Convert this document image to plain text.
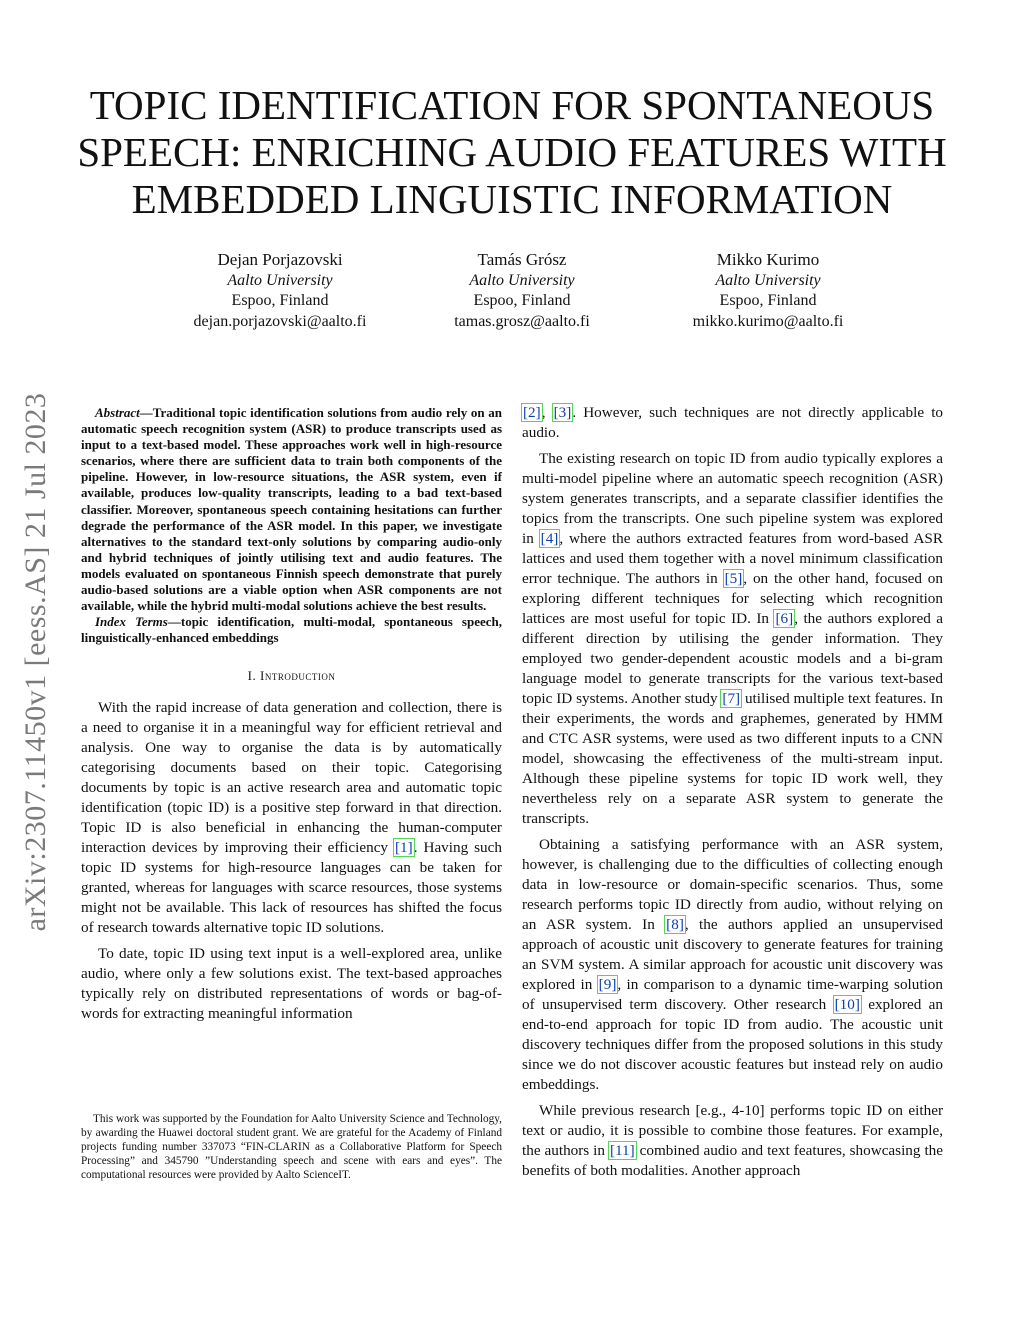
arXiv:2307.11450v1 [eess.AS] 21 Jul 2023
TOPIC IDENTIFICATION FOR SPONTANEOUS
SPEECH: ENRICHING AUDIO FEATURES WITH
EMBEDDED LINGUISTIC INFORMATION
Dejan Porjazovski
Aalto University
Espoo, Finland
dejan.porjazovski@aalto.fi
Tamás Grósz
Aalto University
Espoo, Finland
tamas.grosz@aalto.fi
Mikko Kurimo
Aalto University
Espoo, Finland
mikko.kurimo@aalto.fi

Abstract—Traditional topic identification solutions from audio rely on an automatic speech recognition system (ASR) to produce transcripts used as input to a text-based model. These approaches work well in high-resource scenarios, where there are sufficient data to train both components of the pipeline. However, in low-resource situations, the ASR system, even if available, produces low-quality transcripts, leading to a bad text-based classifier. Moreover, spontaneous speech containing hesitations can further degrade the performance of the ASR model. In this paper, we investigate alternatives to the standard text-only solutions by comparing audio-only and hybrid techniques of jointly utilising text and audio features. The models evaluated on spontaneous Finnish speech demonstrate that purely audio-based solutions are a viable option when ASR components are not available, while the hybrid multi-modal solutions achieve the best results.

Index Terms—topic identification, multi-modal, spontaneous speech, linguistically-enhanced embeddings

I. Introduction

With the rapid increase of data generation and collection, there is a need to organise it in a meaningful way for efficient retrieval and analysis. One way to organise the data is by automatically categorising documents based on their topic. Categorising documents by topic is an active research area and automatic topic identification (topic ID) is a positive step forward in that direction. Topic ID is also beneficial in enhancing the human-computer interaction devices by improving their efficiency [1]. Having such topic ID systems for high-resource languages can be taken for granted, whereas for languages with scarce resources, those systems might not be available. This lack of resources has shifted the focus of research towards alternative topic ID solutions.

To date, topic ID using text input is a well-explored area, unlike audio, where only a few solutions exist. The text-based approaches typically rely on distributed representations of words or bag-of-words for extracting meaningful information

This work was supported by the Foundation for Aalto University Science and Technology, by awarding the Huawei doctoral student grant. We are grateful for the Academy of Finland projects funding number 337073 “FIN-CLARIN as a Collaborative Platform for Speech Processing” and 345790 ”Understanding speech and scene with ears and eyes”. The computational resources were provided by Aalto ScienceIT.

[2], [3]. However, such techniques are not directly applicable to audio.

The existing research on topic ID from audio typically explores a multi-model pipeline where an automatic speech recognition (ASR) system generates transcripts, and a separate classifier identifies the topics from the transcripts. One such pipeline system was explored in [4], where the authors extracted features from word-based ASR lattices and used them together with a novel minimum classification error technique. The authors in [5], on the other hand, focused on exploring different techniques for selecting which recognition lattices are most useful for topic ID. In [6], the authors explored a different direction by utilising the gender information. They employed two gender-dependent acoustic models and a bi-gram language model to generate transcripts for the various text-based topic ID systems. Another study [7] utilised multiple text features. In their experiments, the words and graphemes, generated by HMM and CTC ASR systems, were used as two different inputs to a CNN model, showcasing the effectiveness of the multi-stream input. Although these pipeline systems for topic ID work well, they nevertheless rely on a separate ASR system to generate the transcripts.

Obtaining a satisfying performance with an ASR system, however, is challenging due to the difficulties of collecting enough data in low-resource or domain-specific scenarios. Thus, some research performs topic ID directly from audio, without relying on an ASR system. In [8], the authors applied an unsupervised approach of acoustic unit discovery to generate features for training an SVM system. A similar approach for acoustic unit discovery was explored in [9], in comparison to a dynamic time-warping solution of unsupervised term discovery. Other research [10] explored an end-to-end approach for topic ID from audio. The acoustic unit discovery techniques differ from the proposed solutions in this study since we do not discover acoustic features but instead rely on audio embeddings.

While previous research [e.g., 4-10] performs topic ID on either text or audio, it is possible to combine those features. For example, the authors in [11] combined audio and text features, showcasing the benefits of both modalities. Another approach
